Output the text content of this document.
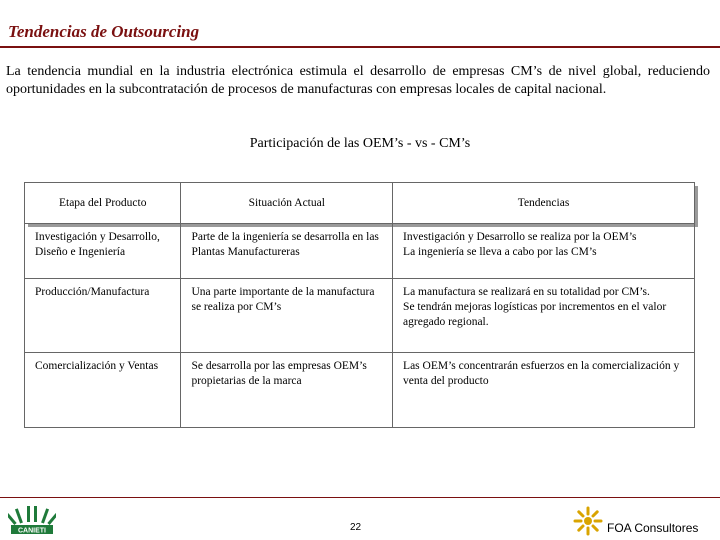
Tendencias de Outsourcing
La tendencia mundial en la industria electrónica estimula el desarrollo de empresas CM’s de nivel global, reduciendo oportunidades en la subcontratación de procesos de manufacturas con empresas locales de capital nacional.
Participación de las OEM’s - vs - CM’s
Etapa del Producto	Situación Actual	Tendencias
Investigación y Desarrollo, Diseño e Ingeniería	Parte de la ingeniería se desarrolla en las Plantas Manufactureras	Investigación y Desarrollo se realiza por la OEM’s
La ingeniería se lleva a cabo por las CM’s

Producción/Manufactura	Una parte importante de la manufactura se realiza por CM’s	La manufactura se realizará en su totalidad por CM’s.
Se tendrán mejoras logísticas por incrementos en el valor agregado regional.

Comercialización y Ventas	Se desarrolla por las empresas OEM’s propietarias de la marca	Las OEM’s concentrarán esfuerzos en la comercialización y venta del producto
CANIETI	22	FOA Consultores
